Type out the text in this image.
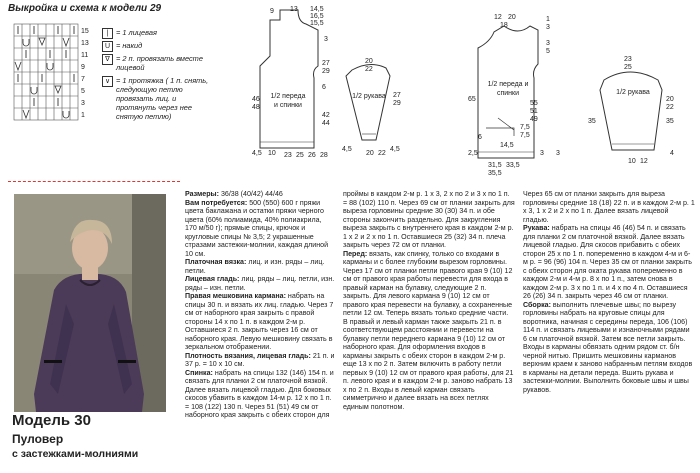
Выкройка и схема к модели 29
15
13
11
9
7
5
3
1
|	= 1 лицевая
U = накид
∇ = 2 п. провязать вместе лицевой
∨ = 1 протяжка ( 1 п. снять, следующую петлю провязать лиц. и протянуть через нее снятую петлю)
1/2 переда и спинки
9 13 14,5
16,5
15,5
3
27
29
6
46
48
42
44
4,5 10 23 25 26 28
1/2 рукава
20
22
27
29
4,5	4,5
20 22
1/2 переда и спинки
12 20
18
1
3
3
5
65
55
51
49
7,5
7,5
6
14,5
2,5	3
31,5 33,5
35,5
3
1/2 рукава
23
25
20
22
35	35
10 12
4
Модель 30
Пуловер
с застежками-молниями

Размеры: 36/38 (40/42) 44/46

Вам потребуется: 500 (550) 600 г пряжи цвета баклажана и остатки пряжи черного цвета (60% полиамида, 40% полиакрила, 170 м/50 г); прямые спицы, крючок и кругловые спицы № 3,5; 2 украшенные стразами застежки-молнии, каждая длиной 10 см.

Платочная вязка: лиц. и изн. ряды – лиц. петли.

Лицевая гладь: лиц. ряды – лиц. петли, изн. ряды – изн. петли.

Правая мешковина кармана: набрать на спицы 30 п. и вязать их лиц. гладью. Через 7 см от наборного края закрыть с правой стороны 14 х по 1 п. в каждом 2-м р. Оставшиеся 2 п. закрыть через 16 см от наборного края. Левую мешковину связать в зеркальном отображении.

Плотность вязания, лицевая гладь: 21 п. и 37 р. = 10 х 10 см.

Спинка: набрать на спицы 132 (146) 154 п. и связать для планки 2 см платочной вязкой. Далее вязать лицевой гладью. Для боковых скосов убавить в каждом 14-м р. 12 х по 1 п. = 108 (122) 130 п. Через 51 (51) 49 см от наборного края закрыть с обеих сторон для

проймы в каждом 2-м р. 1 х 3, 2 х по 2 и 3 х по 1 п. = 88 (102) 110 п. Через 69 см от планки закрыть для выреза горловины средние 30 (30) 34 п. и обе стороны закончить раздельно. Для закругления выреза закрыть с внутреннего края в каждом 2-м р. 1 х 2 и 2 х по 1 п. Оставшиеся 25 (32) 34 п. плеча закрыть через 72 см от планки.

Перед: вязать, как спинку, только со входами в карманы и с более глубоким вырезом горловины. Через 17 см от планки петли правого края 9 (10) 12 см от правого края работы перевести для входа в правый карман на булавку, следующие 2 п. закрыть. Для левого кармана 9 (10) 12 см от правого края перевести на булавку, а сохраненные петли 12 см. Теперь вязать только средние части.

В правый и левый карман также закрыть 21 п. в соответствующем расстоянии и перевести на булавку петли переднего кармана 9 (10) 12 см от наборного края. Для оформления входов в карманы закрыть с обеих сторон в каждом 2-м р. еще 13 х по 2 п. Затем включить в работу петли первых 9 (10) 12 см от правого края работы, для 21 п. левого края и в каждом 2-м р. заново набрать 13 х по 2 п. Входы в левый карман связать симметрично и далее вязать на всех петлях единым полотном.

Через 65 см от планки закрыть для выреза горловины средние 18 (18) 22 п. и в каждом 2-м р. 1 х 3, 1 х 2 и 2 х по 1 п. Далее вязать лицевой гладью.

Рукава: набрать на спицы 46 (46) 54 п. и связать для планки 2 см платочной вязкой. Далее вязать лицевой гладью. Для скосов прибавить с обеих сторон 25 х по 1 п. попеременно в каждом 4-м и 6-м р. = 96 (96) 104 п. Через 35 см от планки закрыть с обеих сторон для оката рукава попеременно в каждом 2-м и 4-м р. 8 х по 1 п., затем снова в каждом 2-м р. 3 х по 1 п. и 4 х по 4 п. Оставшиеся 26 (26) 34 п. закрыть через 46 см от планки.

Сборка: выполнить плечевые швы; по вырезу горловины набрать на круговые спицы для воротника, начиная с середины переда, 106 (106) 114 п. и связать лицевыми и изнаночными рядами 6 см платочной вязкой. Затем все петли закрыть. Входы в карманы обвязать одним рядом ст. б/н черной нитью. Пришить мешковины карманов верхним краем к заново набранным петлям входов в карманы на детали переда. Вшить рукава и застежки-молнии. Выполнить боковые швы и швы рукавов.
